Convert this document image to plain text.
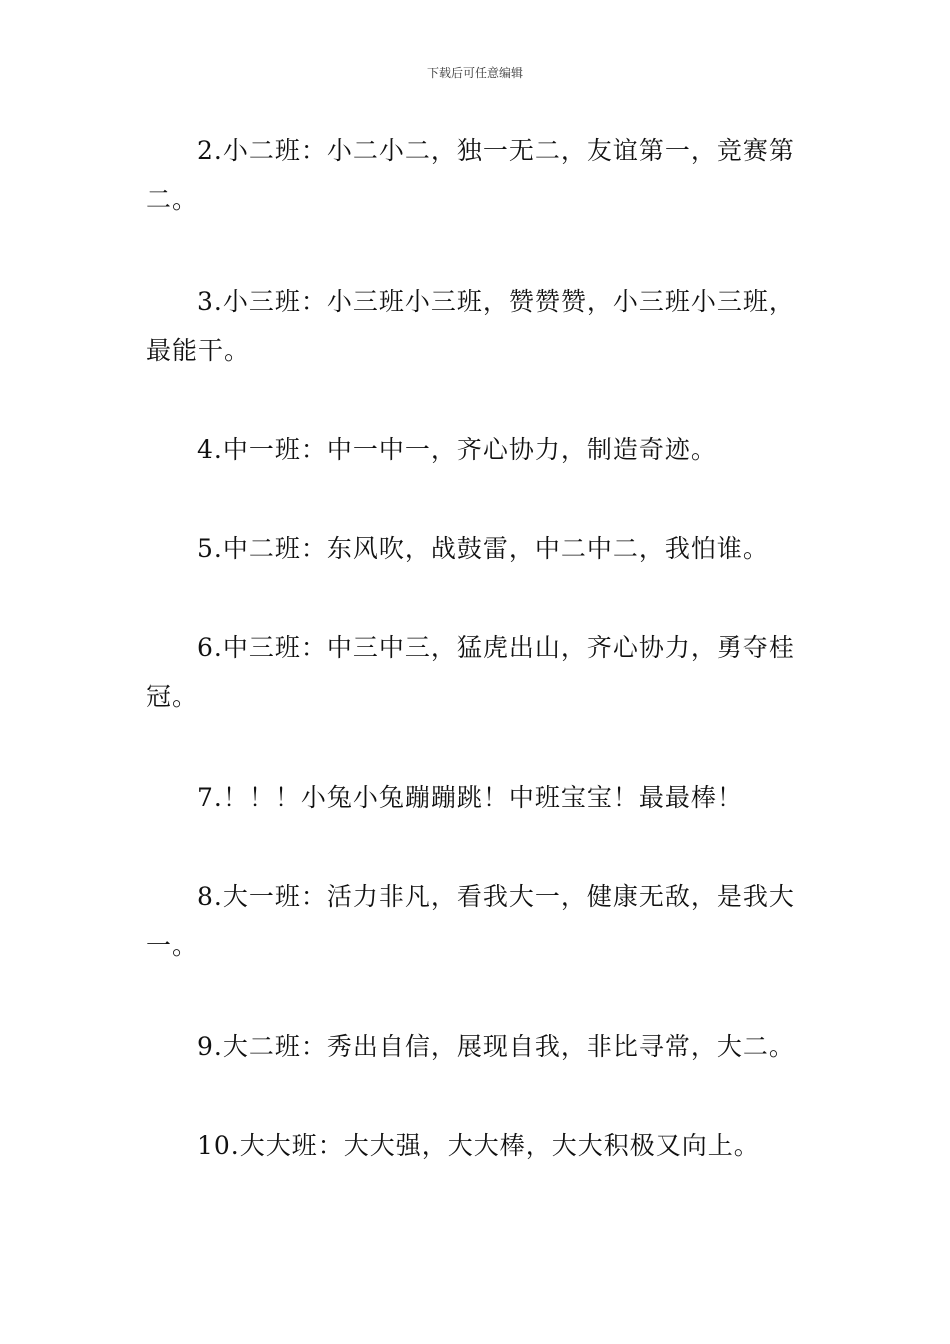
下载后可任意编辑

2.小二班：小二小二，独一无二，友谊第一，竞赛第二。

3.小三班：小三班小三班，赞赞赞，小三班小三班，最能干。

4.中一班：中一中一，齐心协力，制造奇迹。

5.中二班：东风吹，战鼓雷，中二中二，我怕谁。

6.中三班：中三中三，猛虎出山，齐心协力，勇夺桂冠。

7.！！！小兔小兔蹦蹦跳！中班宝宝！最最棒！

8.大一班：活力非凡，看我大一，健康无敌，是我大一。

9.大二班：秀出自信，展现自我，非比寻常，大二。

10.大大班：大大强，大大棒，大大积极又向上。
